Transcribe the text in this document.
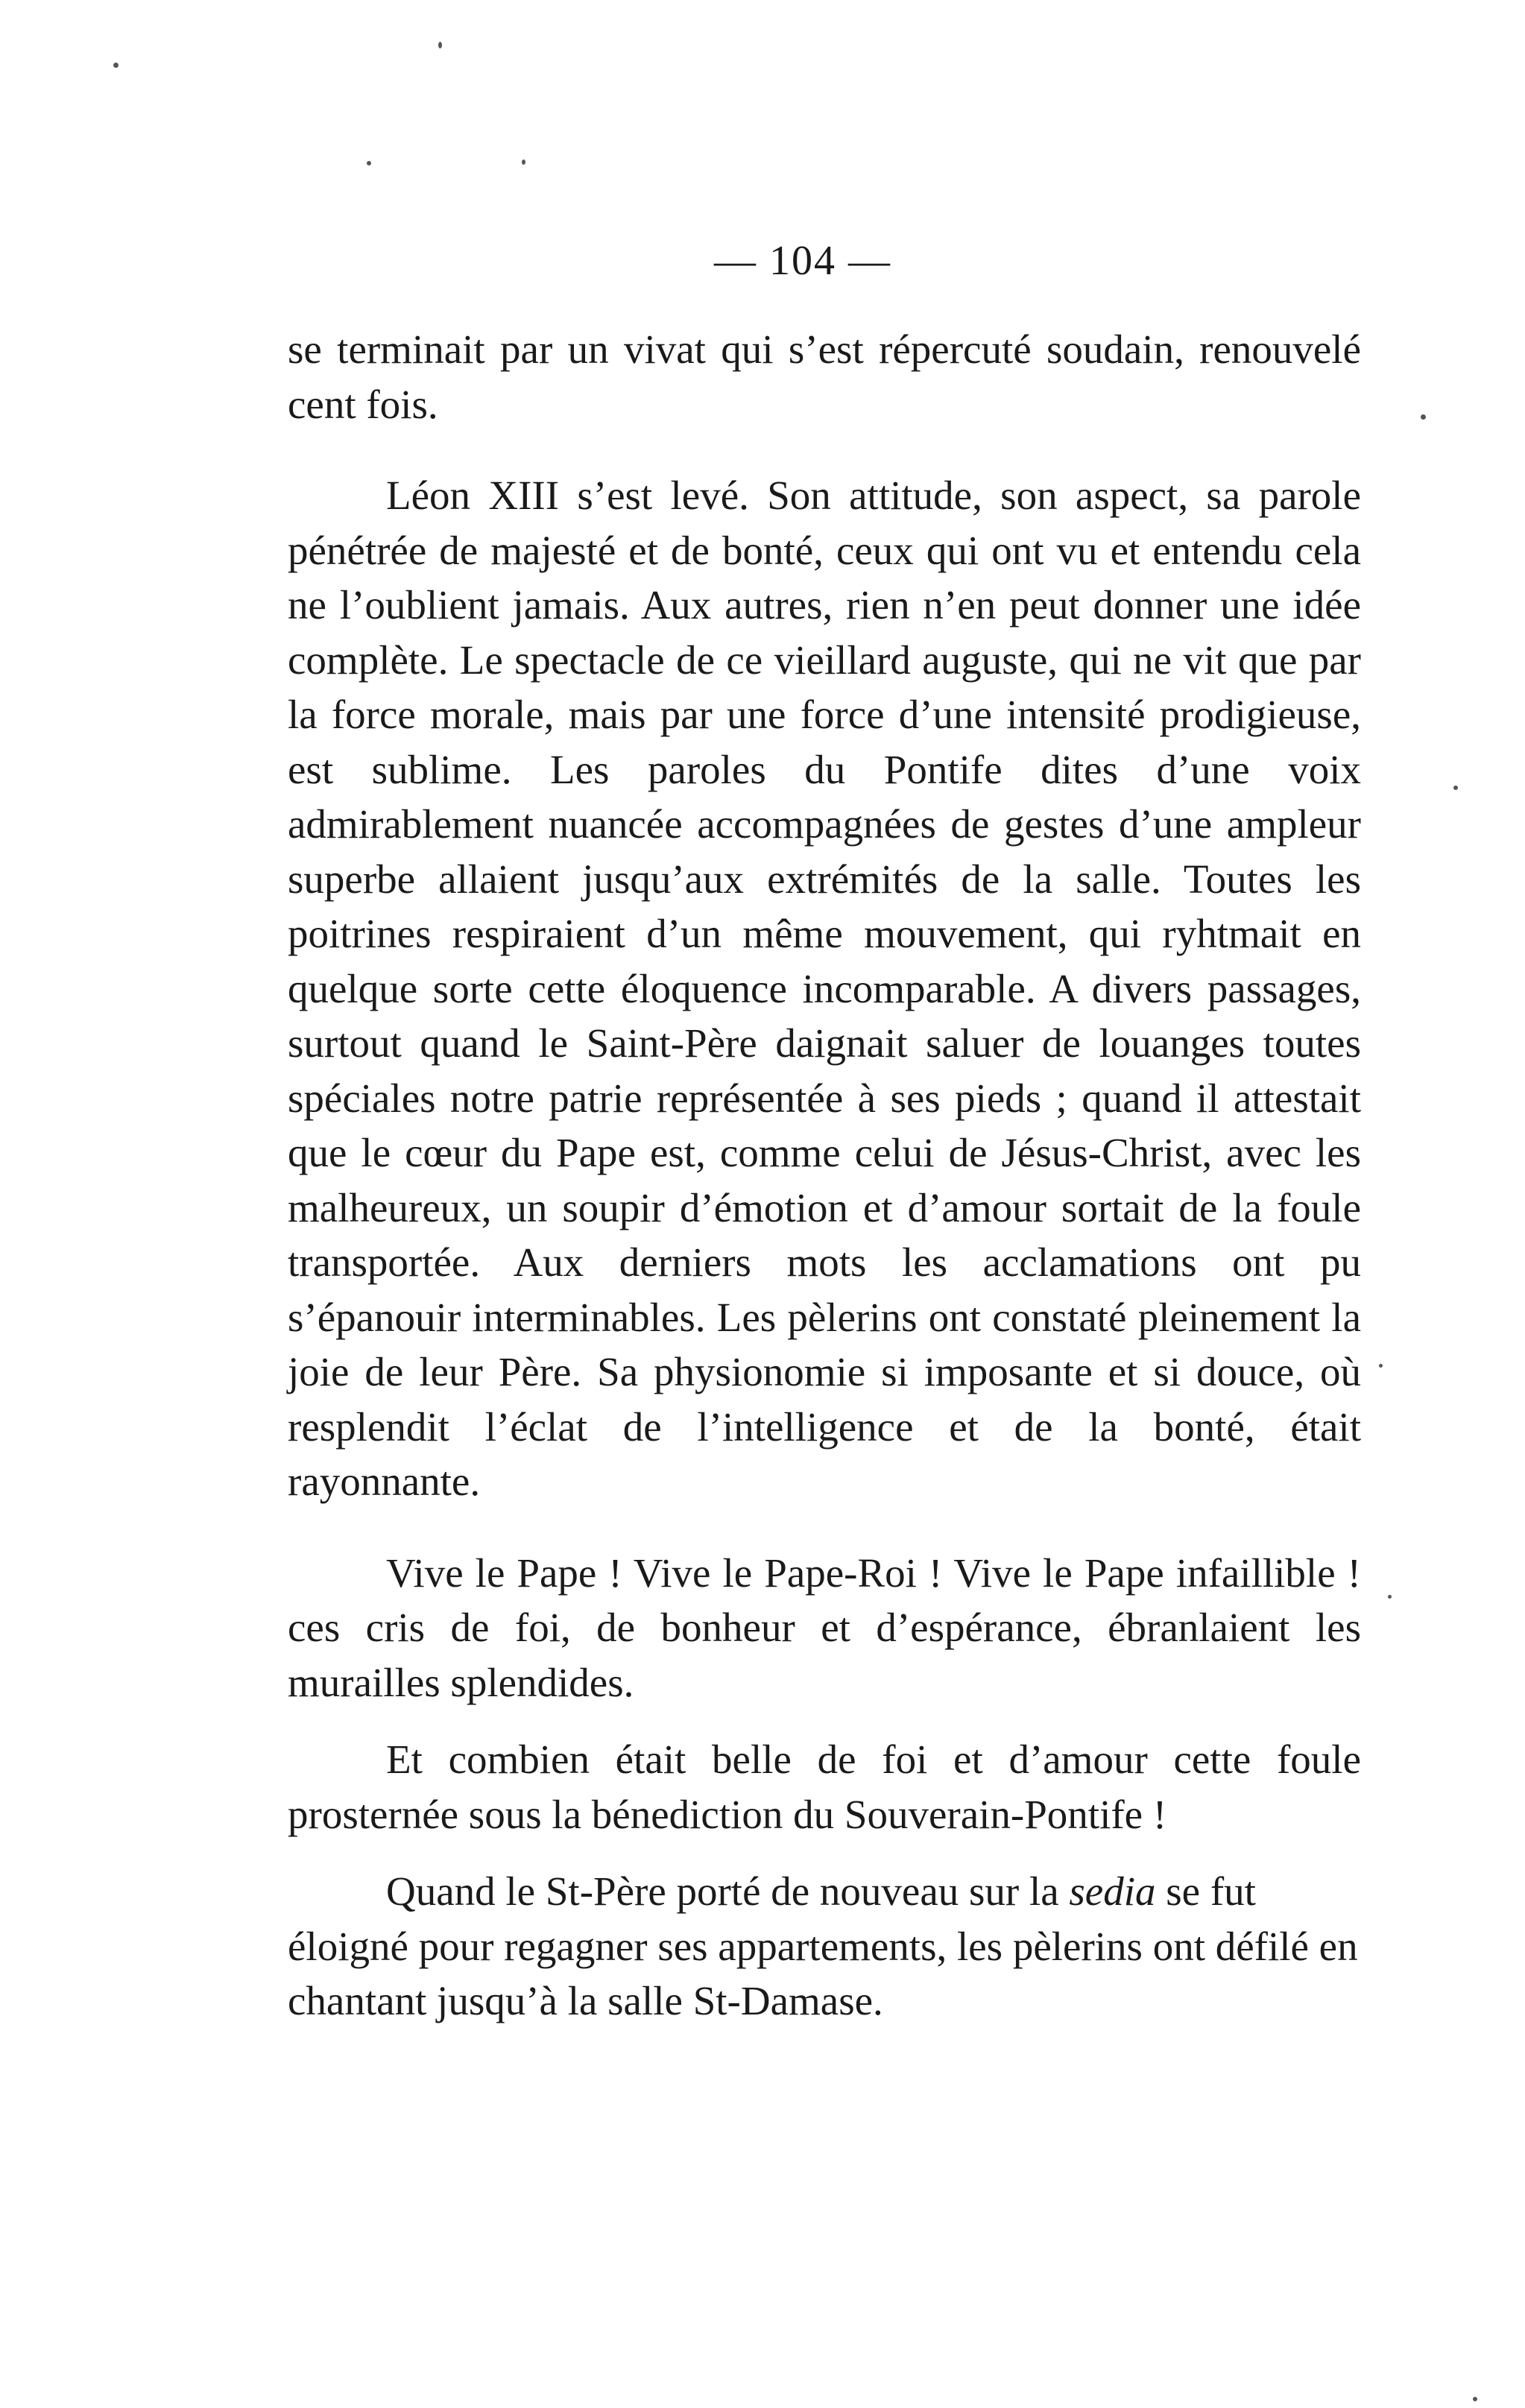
— 104 —

se terminait par un vivat qui s’est répercuté soudain, renouvelé cent fois.

Léon XIII s’est levé. Son attitude, son aspect, sa parole pénétrée de majesté et de bonté, ceux qui ont vu et entendu cela ne l’oublient jamais. Aux autres, rien n’en peut donner une idée complète. Le spectacle de ce vieillard auguste, qui ne vit que par la force morale, mais par une force d’une intensité prodigieuse, est sublime. Les paroles du Pontife dites d’une voix admirablement nuancée accompagnées de gestes d’une ampleur superbe allaient jusqu’aux extrémités de la salle. Toutes les poitrines respiraient d’un même mouvement, qui ryhtmait en quelque sorte cette éloquence incomparable. A divers passages, surtout quand le Saint-Père daignait saluer de louanges toutes spéciales notre patrie représentée à ses pieds ; quand il attestait que le cœur du Pape est, comme celui de Jésus-Christ, avec les malheureux, un soupir d’émotion et d’amour sortait de la foule transportée. Aux derniers mots les acclamations ont pu s’épanouir interminables. Les pèlerins ont constaté pleinement la joie de leur Père. Sa physionomie si imposante et si douce, où resplendit l’éclat de l’intelligence et de la bonté, était rayonnante.

Vive le Pape ! Vive le Pape-Roi ! Vive le Pape infaillible ! ces cris de foi, de bonheur et d’espérance, ébranlaient les murailles splendides.

Et combien était belle de foi et d’amour cette foule prosternée sous la bénediction du Souverain-Pontife !

Quand le St-Père porté de nouveau sur la sedia se fut éloigné pour regagner ses appartements, les pèlerins ont défilé en chantant jusqu’à la salle St-Damase.
